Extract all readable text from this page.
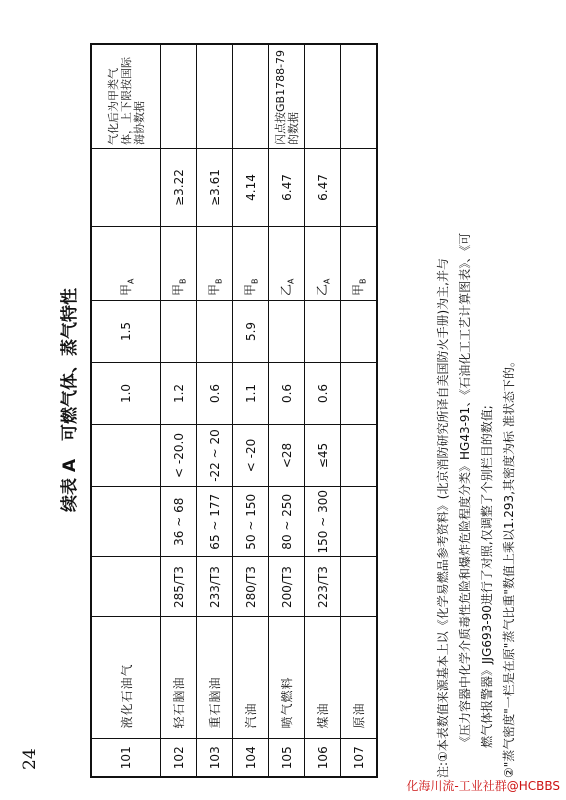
24
续表 A 可燃气体、蒸气特性
101	液化石油气				1.0	1.5	甲$_A$		气化后为甲类气体，上下限按国际海协数据
102	轻石脑油	285/T3	36 ~ 68	< -20.0	1.2		甲$_B$	≥3.22	
103	重石脑油	233/T3	65 ~ 177	-22 ~ 20	0.6		甲$_B$	≥3.61	
104	汽油	280/T3	50 ~ 150	< -20	1.1	5.9	甲$_B$	4.14	
105	喷气燃料	200/T3	80 ~ 250	<28	0.6		乙$_A$	6.47	闪点按GB1788-79的数据
106	煤油	223/T3	150 ~ 300	≤45	0.6		乙$_A$	6.47	
107	原油						甲$_B$			注:①本表数值来源基本上以《化学易燃品参考资料》(北京消防研究所译自美国防火手册)为主,并与 《压力容器中化学介质毒性危险和爆炸危险程度分类》HG43-91、《石油化工工艺计算图表》、《可 燃气体报警器》JJG693-90进行了对照,仅调整了个别栏目的数值; ②"蒸气密度"一栏是在原"蒸气比重"数值上乘以1.293,其密度为标 准状态下的。

化海川流-工业社群@HCBBS
